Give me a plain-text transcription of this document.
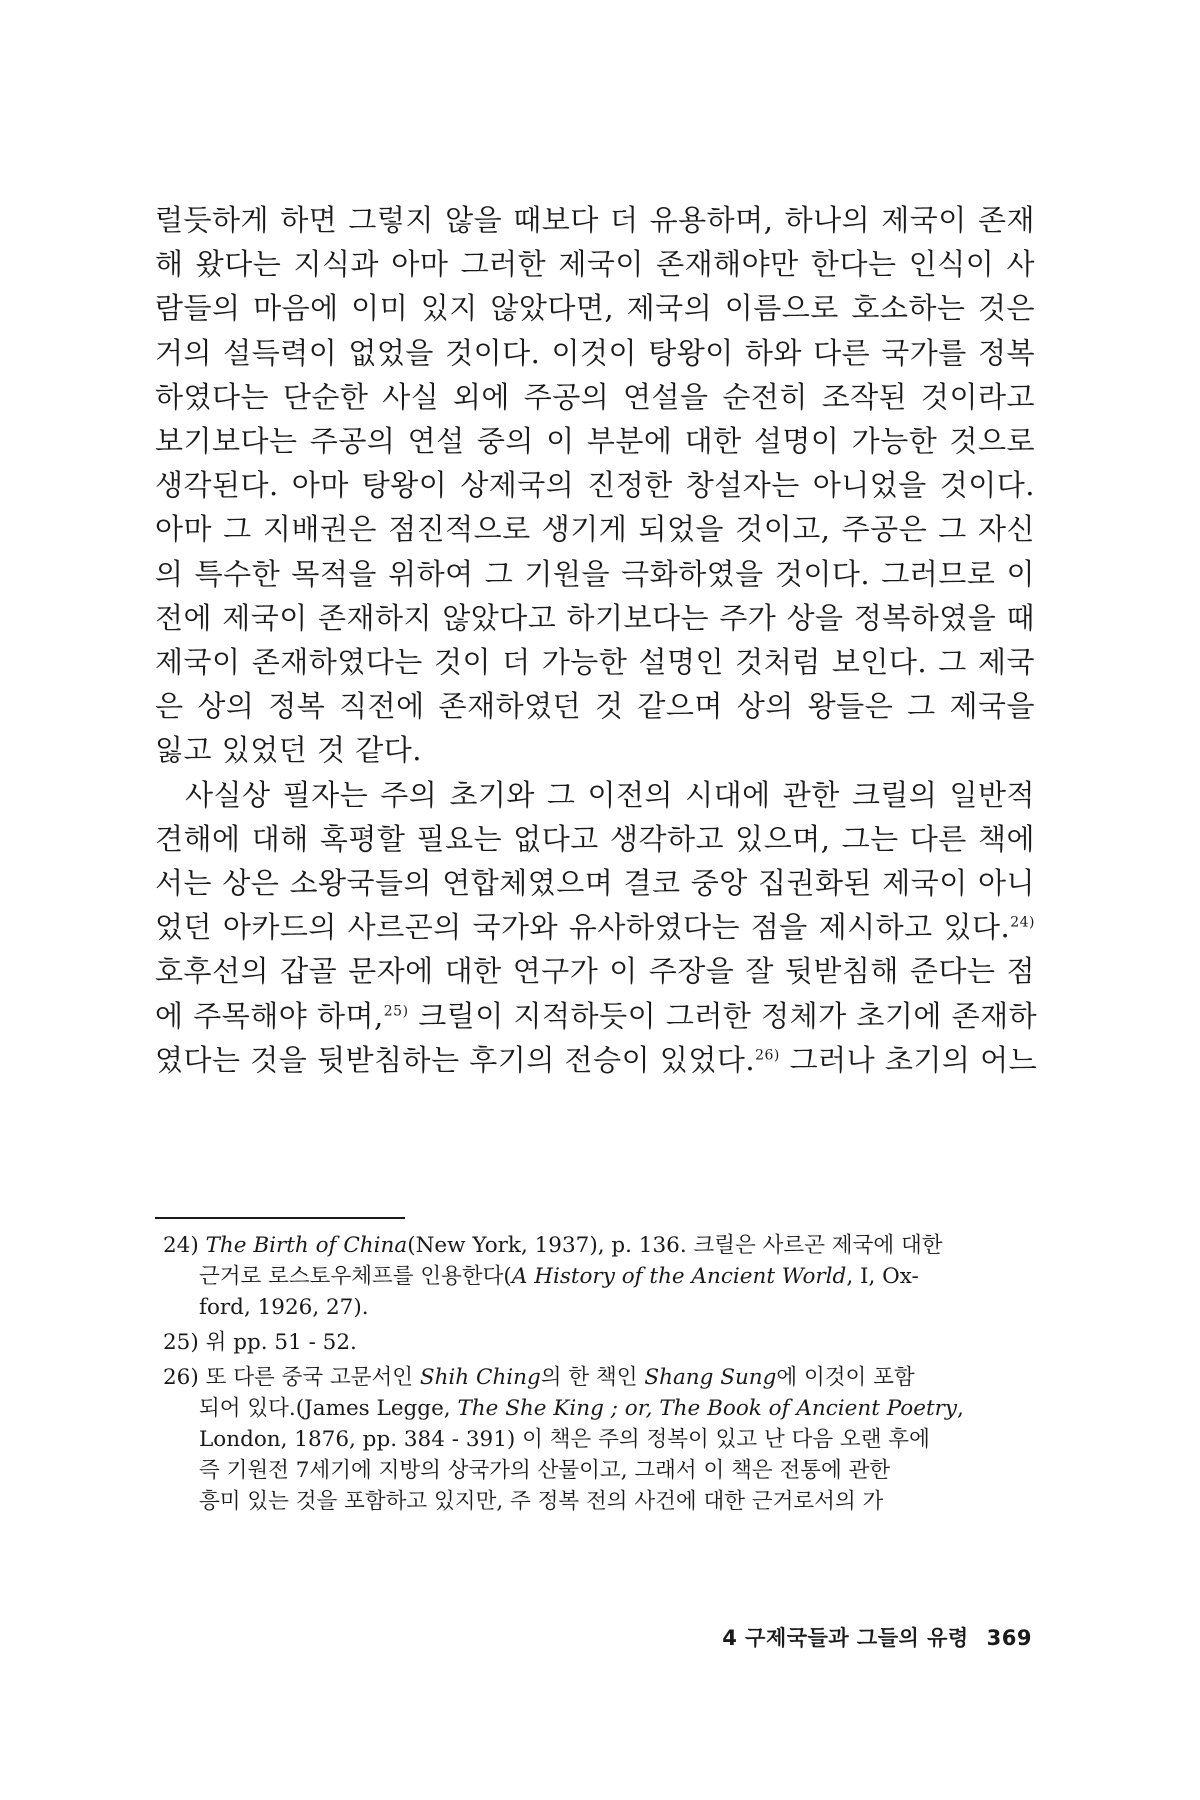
럴듯하게 하면 그렇지 않을 때보다 더 유용하며, 하나의 제국이 존재
해 왔다는 지식과 아마 그러한 제국이 존재해야만 한다는 인식이 사
람들의 마음에 이미 있지 않았다면, 제국의 이름으로 호소하는 것은
거의 설득력이 없었을 것이다. 이것이 탕왕이 하와 다른 국가를 정복
하였다는 단순한 사실 외에 주공의 연설을 순전히 조작된 것이라고
보기보다는 주공의 연설 중의 이 부분에 대한 설명이 가능한 것으로
생각된다. 아마 탕왕이 상제국의 진정한 창설자는 아니었을 것이다.
아마 그 지배권은 점진적으로 생기게 되었을 것이고, 주공은 그 자신
의 특수한 목적을 위하여 그 기원을 극화하였을 것이다. 그러므로 이
전에 제국이 존재하지 않았다고 하기보다는 주가 상을 정복하였을 때
제국이 존재하였다는 것이 더 가능한 설명인 것처럼 보인다. 그 제국
은 상의 정복 직전에 존재하였던 것 같으며 상의 왕들은 그 제국을
잃고 있었던 것 같다.

사실상 필자는 주의 초기와 그 이전의 시대에 관한 크릴의 일반적
견해에 대해 혹평할 필요는 없다고 생각하고 있으며, 그는 다른 책에
서는 상은 소왕국들의 연합체였으며 결코 중앙 집권화된 제국이 아니
었던 아카드의 사르곤의 국가와 유사하였다는 점을 제시하고 있다.$^{24)}$
호후선의 갑골 문자에 대한 연구가 이 주장을 잘 뒷받침해 준다는 점
에 주목해야 하며,$^{25)}$ 크릴이 지적하듯이 그러한 정체가 초기에 존재하
였다는 것을 뒷받침하는 후기의 전승이 있었다.$^{26)}$ 그러나 초기의 어느

24) The Birth of China(New York, 1937), p. 136. 크릴은 사르곤 제국에 대한
근거로 로스토우체프를 인용한다(A History of the Ancient World, Ⅰ, Ox-
ford, 1926, 27).
25) 위 pp. 51 - 52.
26) 또 다른 중국 고문서인 Shih Ching의 한 책인 Shang Sung에 이것이 포함
되어 있다.(James Legge, The She King ; or, The Book of Ancient Poetry,
London, 1876, pp. 384 - 391) 이 책은 주의 정복이 있고 난 다음 오랜 후에
즉 기원전 7세기에 지방의 상국가의 산물이고, 그래서 이 책은 전통에 관한
흥미 있는 것을 포함하고 있지만, 주 정복 전의 사건에 대한 근거로서의 가
4 구제국들과 그들의 유령 369
